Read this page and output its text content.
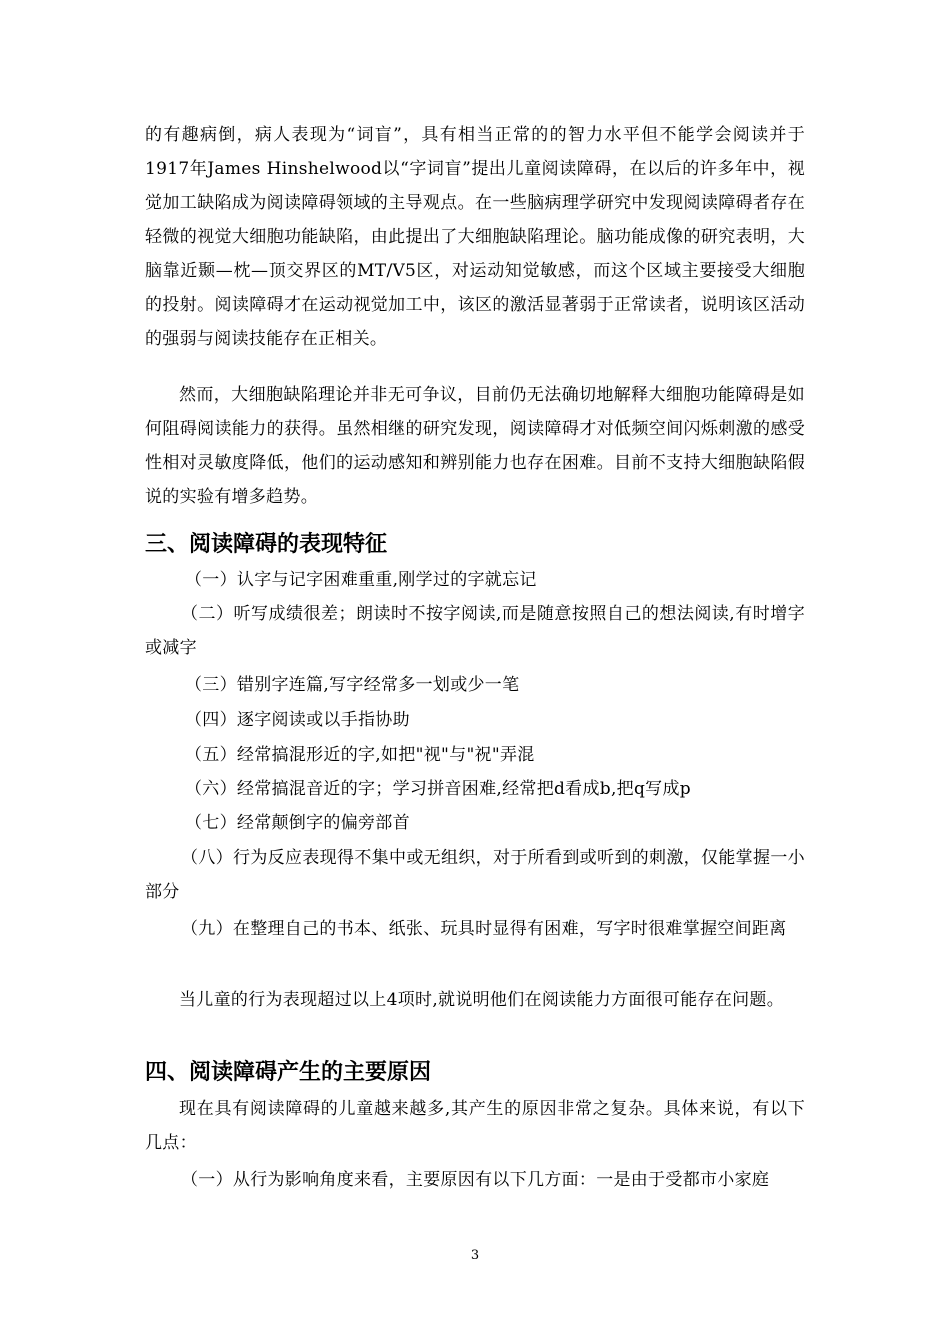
的有趣病倒，病人表现为“词盲”，具有相当正常的的智力水平但不能学会阅读并于1917年James Hinshelwood以“字词盲”提出儿童阅读障碍，在以后的许多年中，视觉加工缺陷成为阅读障碍领域的主导观点。在一些脑病理学研究中发现阅读障碍者存在轻微的视觉大细胞功能缺陷，由此提出了大细胞缺陷理论。脑功能成像的研究表明，大脑靠近颞—枕—顶交界区的MT/V5区，对运动知觉敏感，而这个区域主要接受大细胞的投射。阅读障碍才在运动视觉加工中，该区的激活显著弱于正常读者，说明该区活动的强弱与阅读技能存在正相关。

然而，大细胞缺陷理论并非无可争议，目前仍无法确切地解释大细胞功能障碍是如何阻碍阅读能力的获得。虽然相继的研究发现，阅读障碍才对低频空间闪烁刺激的感受性相对灵敏度降低，他们的运动感知和辨别能力也存在困难。目前不支持大细胞缺陷假说的实验有增多趋势。

三、阅读障碍的表现特征

（一）认字与记字困难重重,刚学过的字就忘记

（二）听写成绩很差；朗读时不按字阅读,而是随意按照自己的想法阅读,有时增字或减字

（三）错别字连篇,写字经常多一划或少一笔

（四）逐字阅读或以手指协助

（五）经常搞混形近的字,如把"视"与"祝"弄混

（六）经常搞混音近的字；学习拼音困难,经常把d看成b,把q写成p

（七）经常颠倒字的偏旁部首

（八）行为反应表现得不集中或无组织，对于所看到或听到的刺激，仅能掌握一小部分

（九）在整理自己的书本、纸张、玩具时显得有困难，写字时很难掌握空间距离

当儿童的行为表现超过以上4项时,就说明他们在阅读能力方面很可能存在问题。

四、阅读障碍产生的主要原因

现在具有阅读障碍的儿童越来越多,其产生的原因非常之复杂。具体来说，有以下几点：

（一）从行为影响角度来看，主要原因有以下几方面：一是由于受都市小家庭

3
